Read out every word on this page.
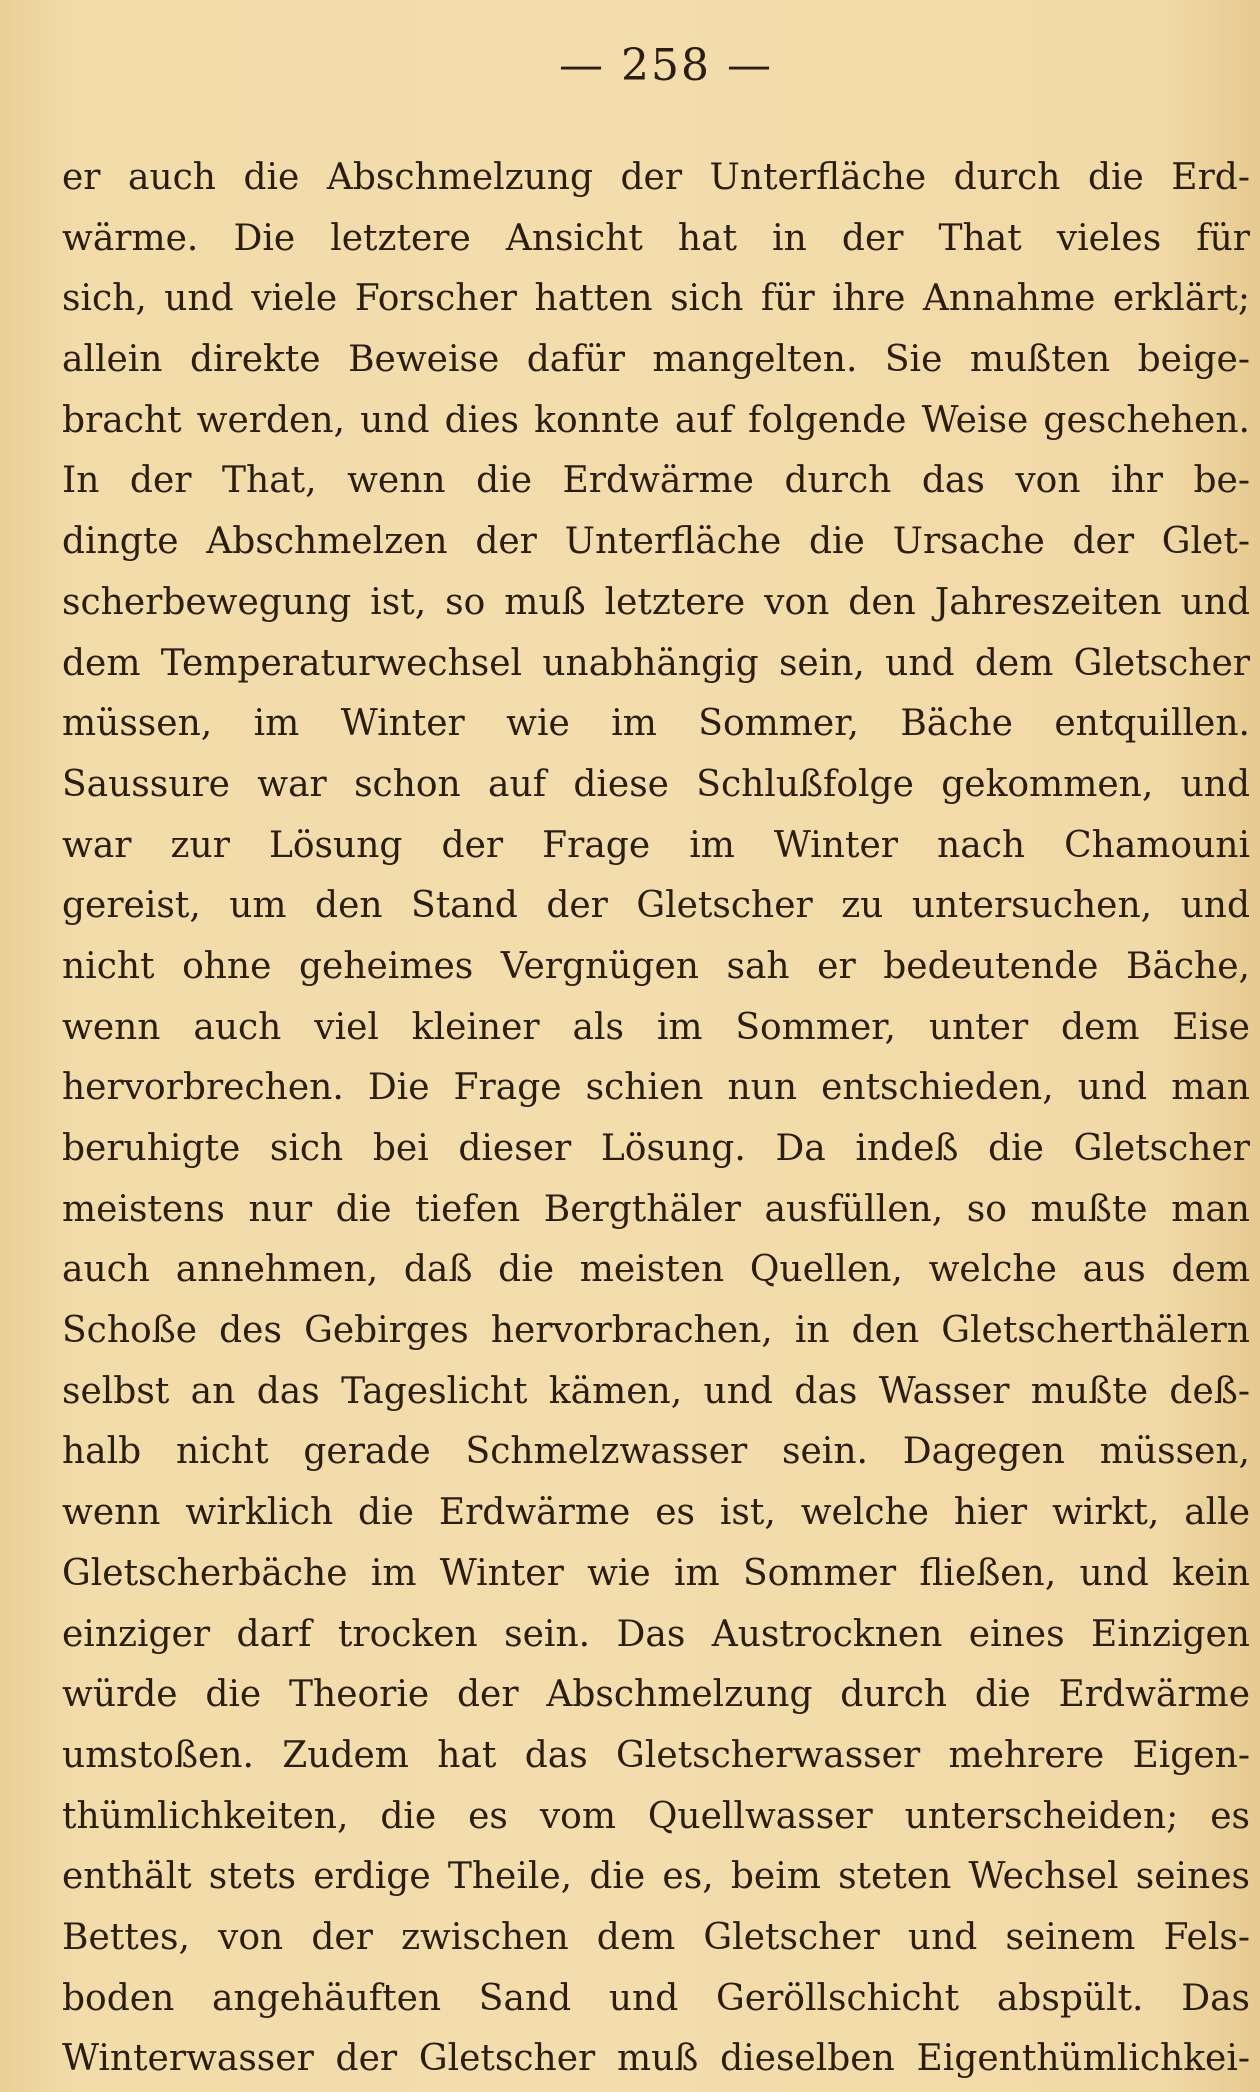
— 258 —
er auch die Abschmelzung der Unterfläche durch die Erd-
wärme. Die letztere Ansicht hat in der That vieles für
sich, und viele Forscher hatten sich für ihre Annahme erklärt;
allein direkte Beweise dafür mangelten. Sie mußten beige-
bracht werden, und dies konnte auf folgende Weise geschehen.
In der That, wenn die Erdwärme durch das von ihr be-
dingte Abschmelzen der Unterfläche die Ursache der Glet-
scherbewegung ist, so muß letztere von den Jahreszeiten und
dem Temperaturwechsel unabhängig sein, und dem Gletscher
müssen, im Winter wie im Sommer, Bäche entquillen.
Saussure war schon auf diese Schlußfolge gekommen, und
war zur Lösung der Frage im Winter nach Chamouni
gereist, um den Stand der Gletscher zu untersuchen, und
nicht ohne geheimes Vergnügen sah er bedeutende Bäche,
wenn auch viel kleiner als im Sommer, unter dem Eise
hervorbrechen. Die Frage schien nun entschieden, und man
beruhigte sich bei dieser Lösung. Da indeß die Gletscher
meistens nur die tiefen Bergthäler ausfüllen, so mußte man
auch annehmen, daß die meisten Quellen, welche aus dem
Schoße des Gebirges hervorbrachen, in den Gletscherthälern
selbst an das Tageslicht kämen, und das Wasser mußte deß-
halb nicht gerade Schmelzwasser sein. Dagegen müssen,
wenn wirklich die Erdwärme es ist, welche hier wirkt, alle
Gletscherbäche im Winter wie im Sommer fließen, und kein
einziger darf trocken sein. Das Austrocknen eines Einzigen
würde die Theorie der Abschmelzung durch die Erdwärme
umstoßen. Zudem hat das Gletscherwasser mehrere Eigen-
thümlichkeiten, die es vom Quellwasser unterscheiden; es
enthält stets erdige Theile, die es, beim steten Wechsel seines
Bettes, von der zwischen dem Gletscher und seinem Fels-
boden angehäuften Sand und Geröllschicht abspült. Das
Winterwasser der Gletscher muß dieselben Eigenthümlichkei-
